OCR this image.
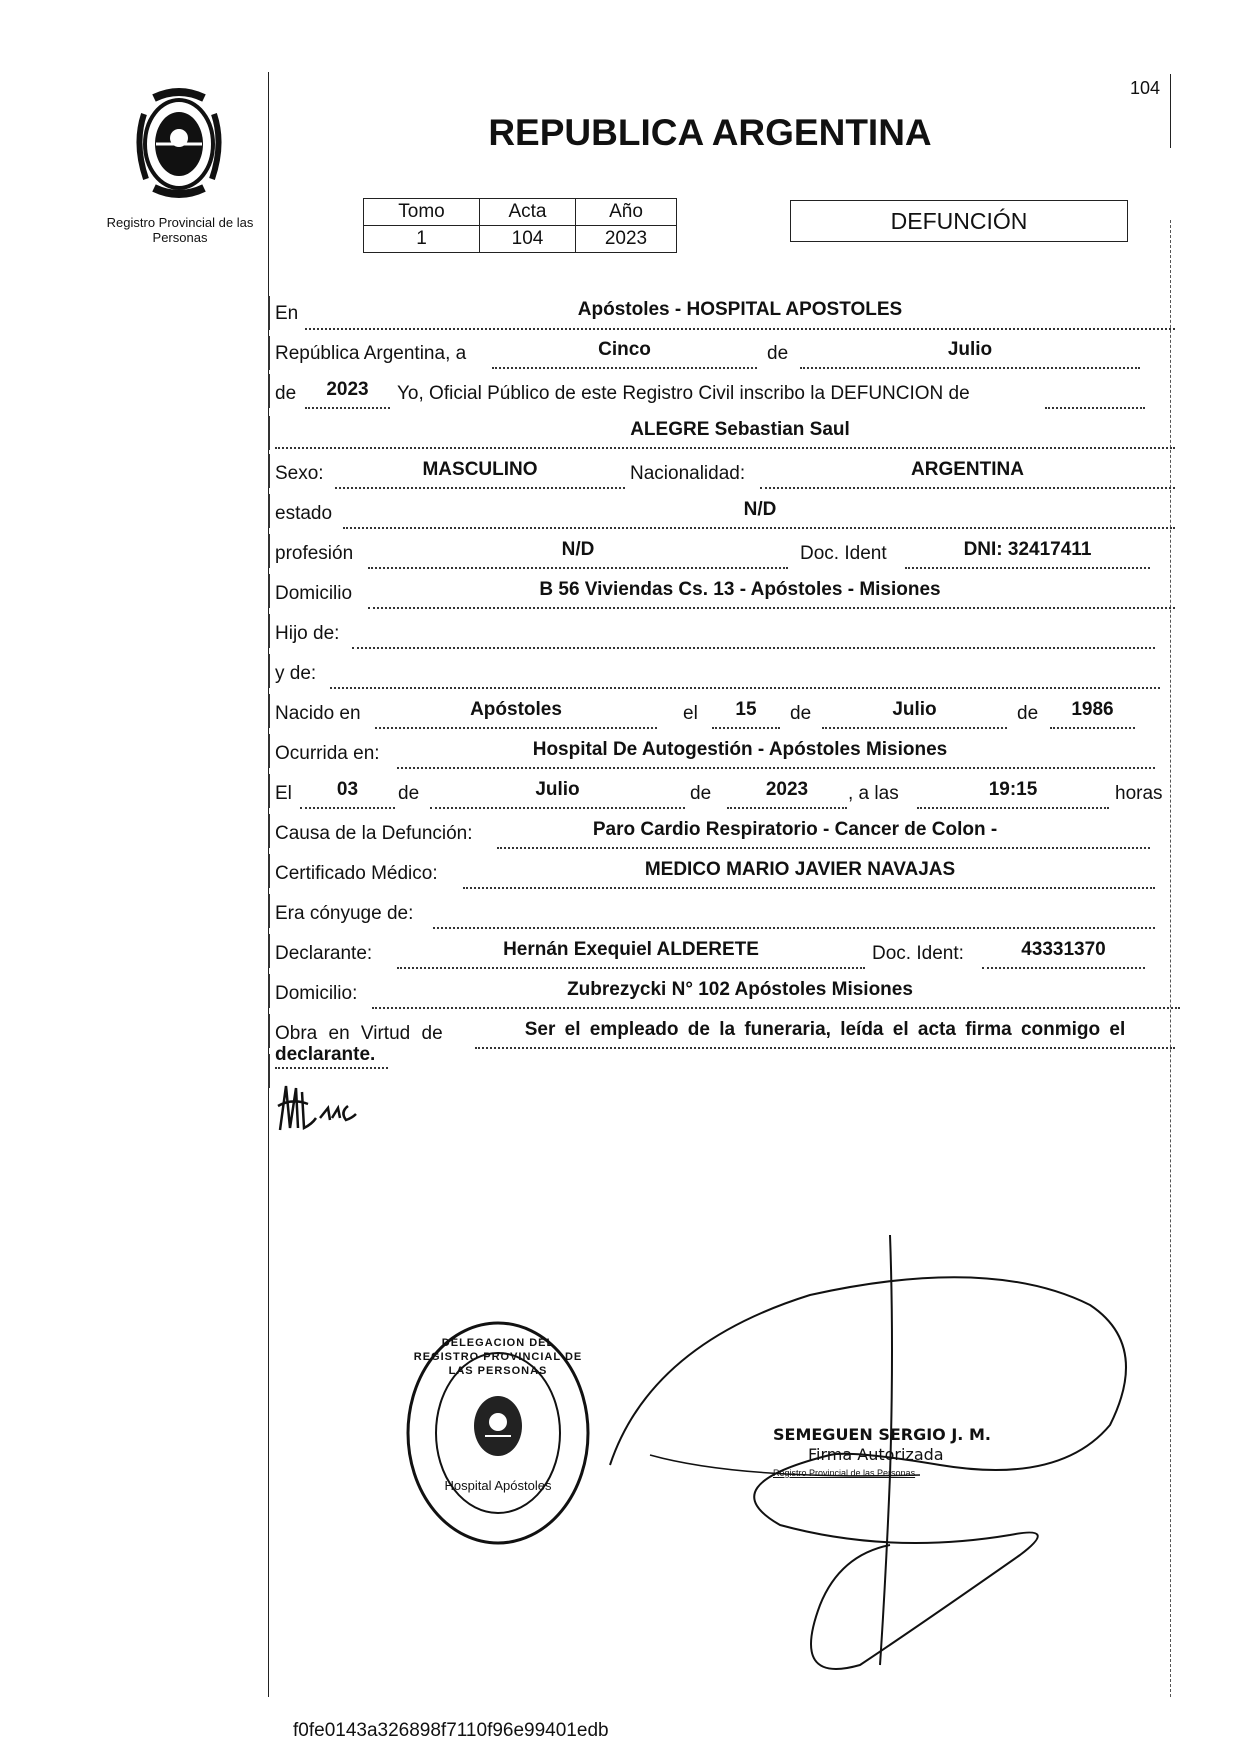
Registro Provincial de las Personas
104
REPUBLICA ARGENTINA
Tomo	Acta	Año
1	104	2023
DEFUNCIÓN
En	Apóstoles - HOSPITAL APOSTOLES
República Argentina, a	Cinco	de	Julio
de	2023	Yo, Oficial Público de este Registro Civil inscribo la DEFUNCION de
ALEGRE Sebastian Saul
Sexo:	MASCULINO	Nacionalidad:	ARGENTINA
estado	N/D
profesión	N/D	Doc. Ident	DNI: 32417411
Domicilio	B 56 Viviendas Cs. 13 - Apóstoles - Misiones
Hijo de:
y de:
Nacido en	Apóstoles	el	15	de	Julio	de	1986
Ocurrida en:	Hospital De Autogestión - Apóstoles Misiones
El	03	de	Julio	de	2023	, a las	19:15	horas
Causa de la Defunción:	Paro Cardio Respiratorio - Cancer de Colon -
Certificado Médico:	MEDICO MARIO JAVIER NAVAJAS
Era cónyuge de:
Declarante:	Hernán Exequiel ALDERETE	Doc. Ident:	43331370
Domicilio:	Zubrezycki N° 102 Apóstoles Misiones
Obra en Virtud de	Ser el empleado de la funeraria, leída el acta firma conmigo el
declarante.
DELEGACION DEL REGISTRO PROVINCIAL DE LAS PERSONAS
Hospital Apóstoles
SEMEGUEN SERGIO J. M.
Firma Autorizada
Registro Provincial de las Personas
f0fe0143a326898f7110f96e99401edb
